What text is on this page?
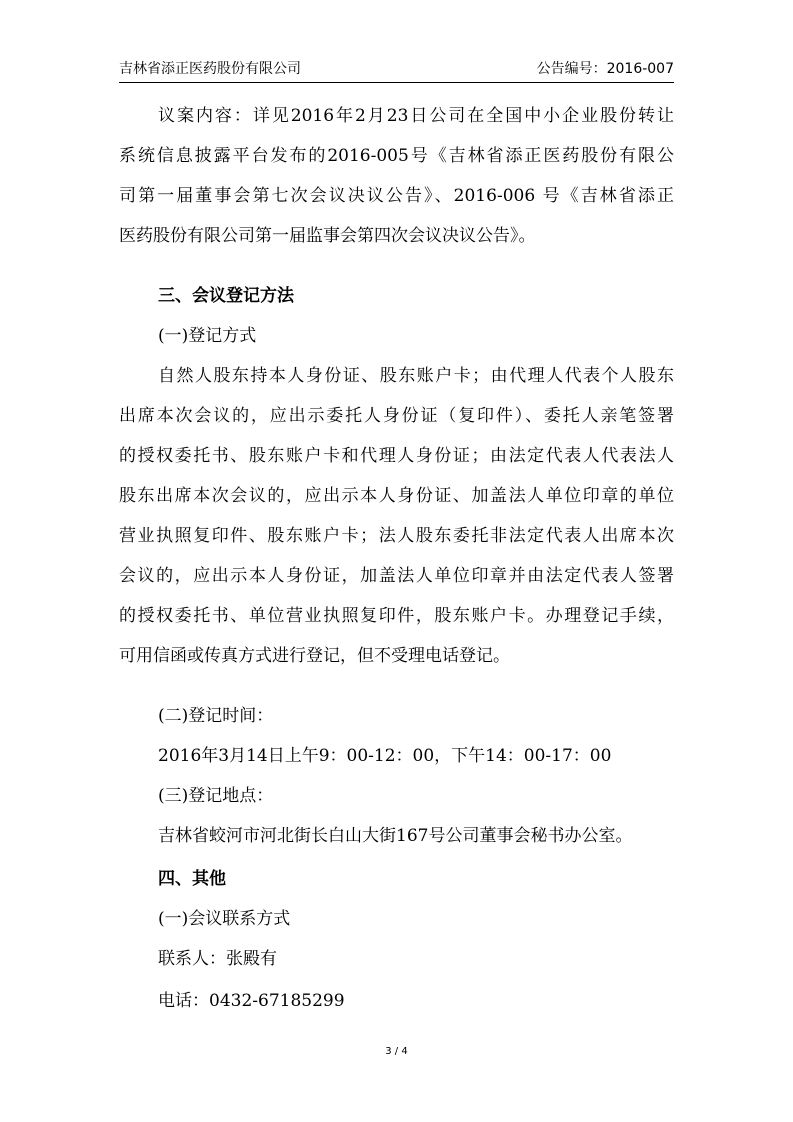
吉林省添正医药股份有限公司	公告编号：2016-007
议案内容：详见2016年2月23日公司在全国中小企业股份转让
系统信息披露平台发布的2016-005号《吉林省添正医药股份有限公
司第一届董事会第七次会议决议公告》、2016-006 号《吉林省添正
医药股份有限公司第一届监事会第四次会议决议公告》。
三、会议登记方法
(一)登记方式
自然人股东持本人身份证、股东账户卡；由代理人代表个人股东
出席本次会议的，应出示委托人身份证（复印件）、委托人亲笔签署
的授权委托书、股东账户卡和代理人身份证；由法定代表人代表法人
股东出席本次会议的，应出示本人身份证、加盖法人单位印章的单位
营业执照复印件、股东账户卡；法人股东委托非法定代表人出席本次
会议的，应出示本人身份证，加盖法人单位印章并由法定代表人签署
的授权委托书、单位营业执照复印件，股东账户卡。办理登记手续，
可用信函或传真方式进行登记，但不受理电话登记。
(二)登记时间：
2016年3月14日上午9：00-12：00，下午14：00-17：00
(三)登记地点：
吉林省蛟河市河北街长白山大街167号公司董事会秘书办公室。
四、其他
(一)会议联系方式
联系人：张殿有
电话：0432-67185299
3 / 4
